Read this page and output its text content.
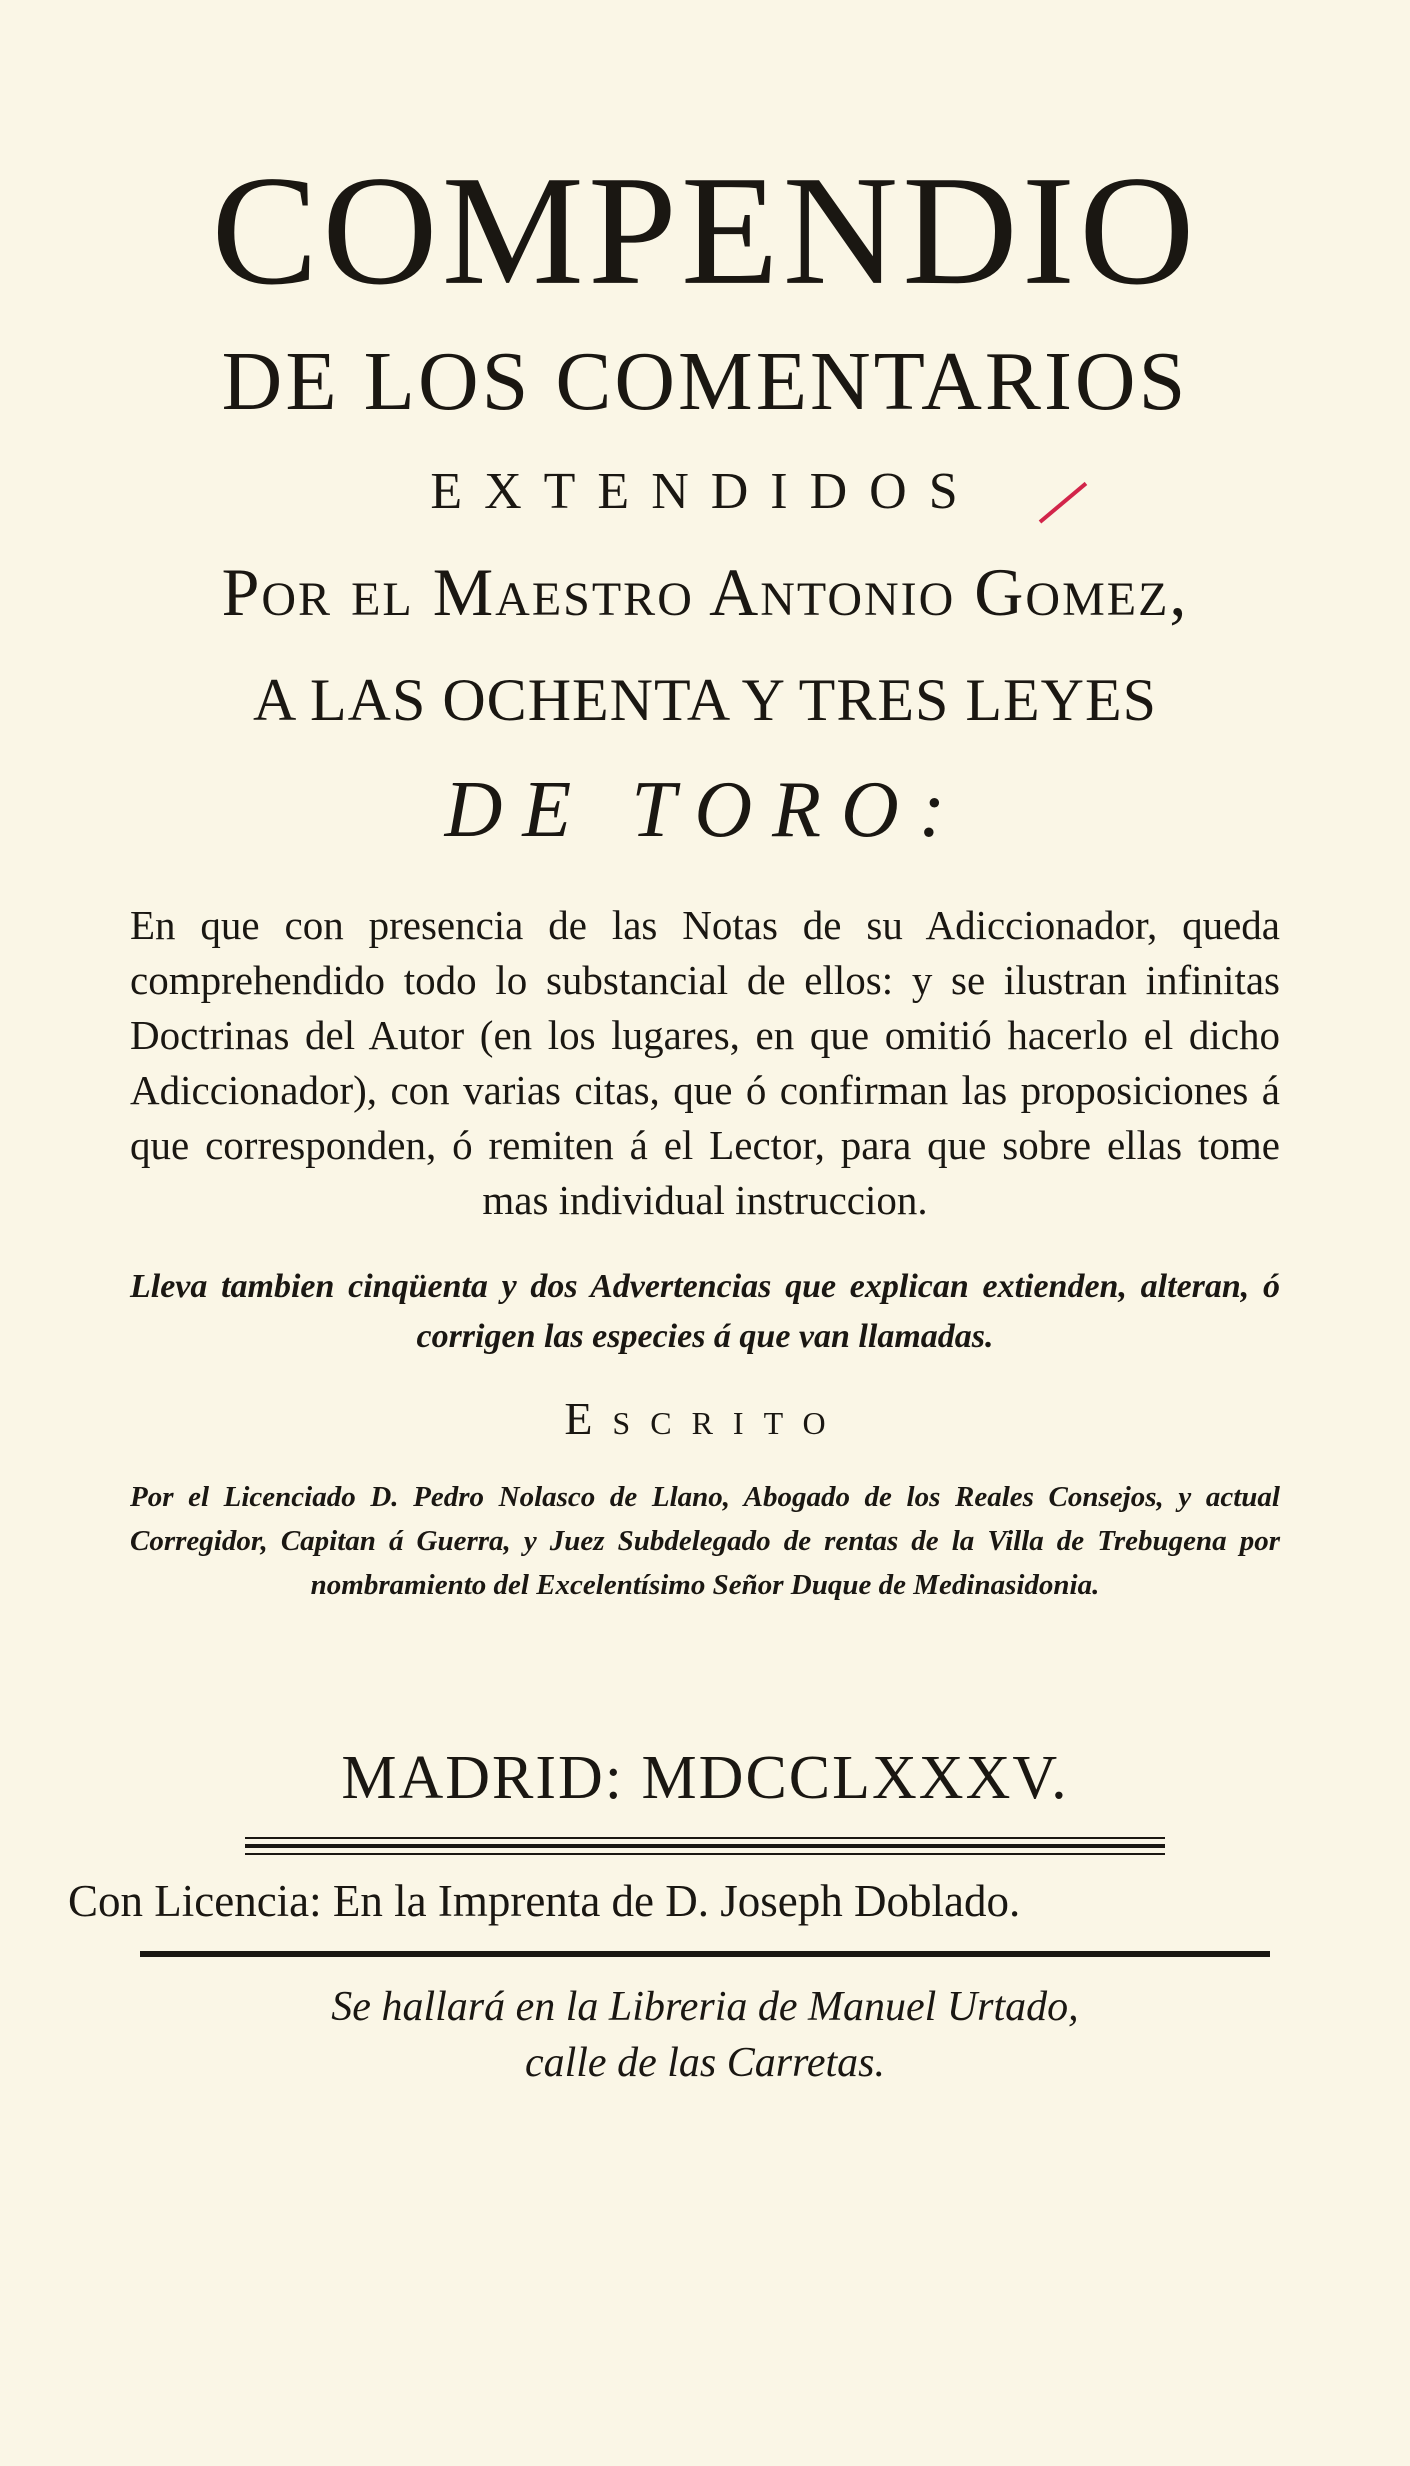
COMPENDIO
DE LOS COMENTARIOS
EXTENDIDOS
Por el Maestro Antonio Gomez,
A LAS OCHENTA Y TRES LEYES
DE TORO:
En que con presencia de las Notas de su Adiccionador, queda comprehendido todo lo substancial de ellos: y se ilustran infinitas Doctrinas del Autor (en los lugares, en que omitió hacerlo el dicho Adiccionador), con varias citas, que ó confirman las proposiciones á que corresponden, ó remiten á el Lector, para que sobre ellas tome mas individual instruccion.
Lleva tambien cinqüenta y dos Advertencias que explican extienden, alteran, ó corrigen las especies á que van llamadas.
Escrito
Por el Licenciado D. Pedro Nolasco de Llano, Abogado de los Reales Consejos, y actual Corregidor, Capitan á Guerra, y Juez Subdelegado de rentas de la Villa de Trebugena por nombramiento del Excelentísimo Señor Duque de Medinasidonia.
MADRID: MDCCLXXXV.
Con Licencia: En la Imprenta de D. Joseph Doblado.
Se hallará en la Libreria de Manuel Urtado,
calle de las Carretas.
